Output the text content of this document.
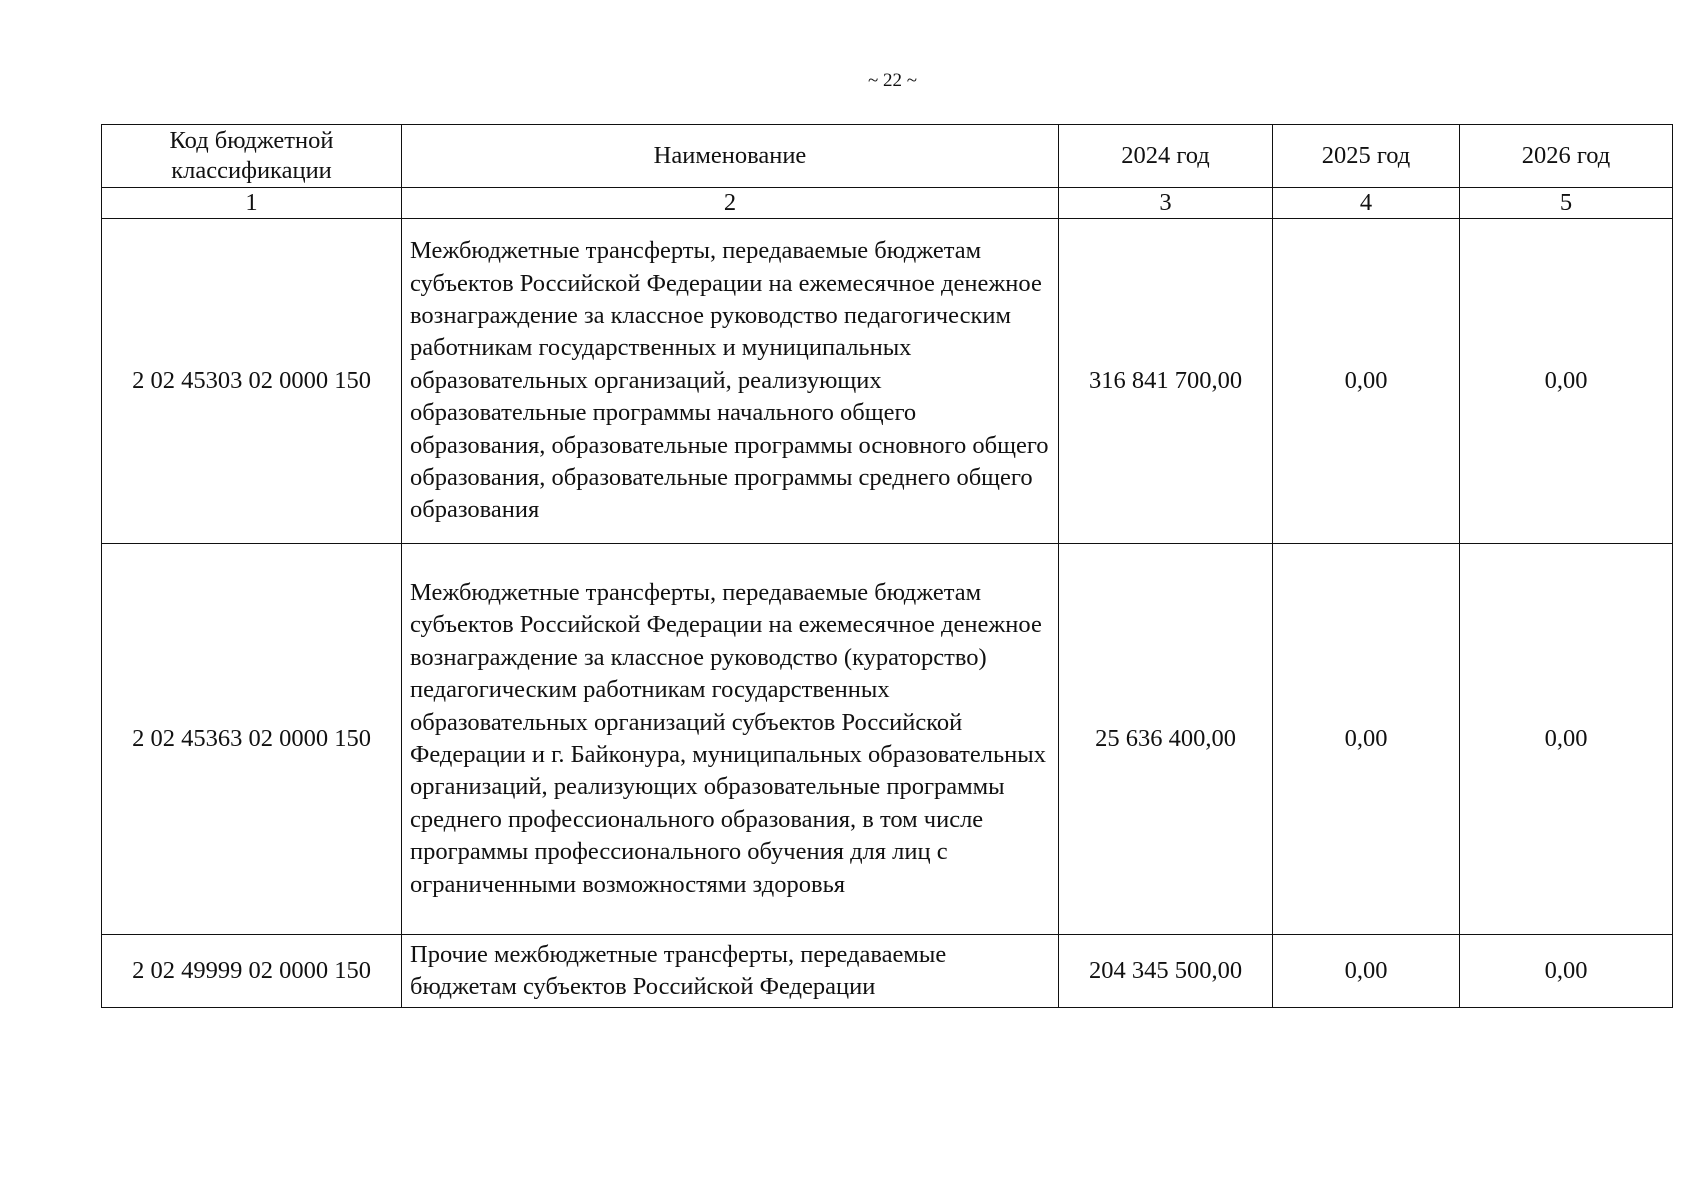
~ 22 ~
Код бюджетной классификации	Наименование	2024 год	2025 год	2026 год
1	2	3	4	5
2 02 45303 02 0000 150	Межбюджетные трансферты, передаваемые бюджетам субъектов Российской Федерации на ежемесячное денежное вознаграждение за классное руководство педагогическим работникам государственных и муниципальных образовательных организаций, реализующих образовательные программы начального общего образования, образовательные программы основного общего образования, образовательные программы среднего общего образования	316 841 700,00	0,00	0,00
2 02 45363 02 0000 150	Межбюджетные трансферты, передаваемые бюджетам субъектов Российской Федерации на ежемесячное денежное вознаграждение за классное руководство (кураторство) педагогическим работникам государственных образовательных организаций субъектов Российской Федерации и г. Байконура, муниципальных образовательных организаций, реализующих образовательные программы среднего профессионального образования, в том числе программы профессионального обучения для лиц с ограниченными возможностями здоровья	25 636 400,00	0,00	0,00
2 02 49999 02 0000 150	Прочие межбюджетные трансферты, передаваемые бюджетам субъектов Российской Федерации	204 345 500,00	0,00	0,00
